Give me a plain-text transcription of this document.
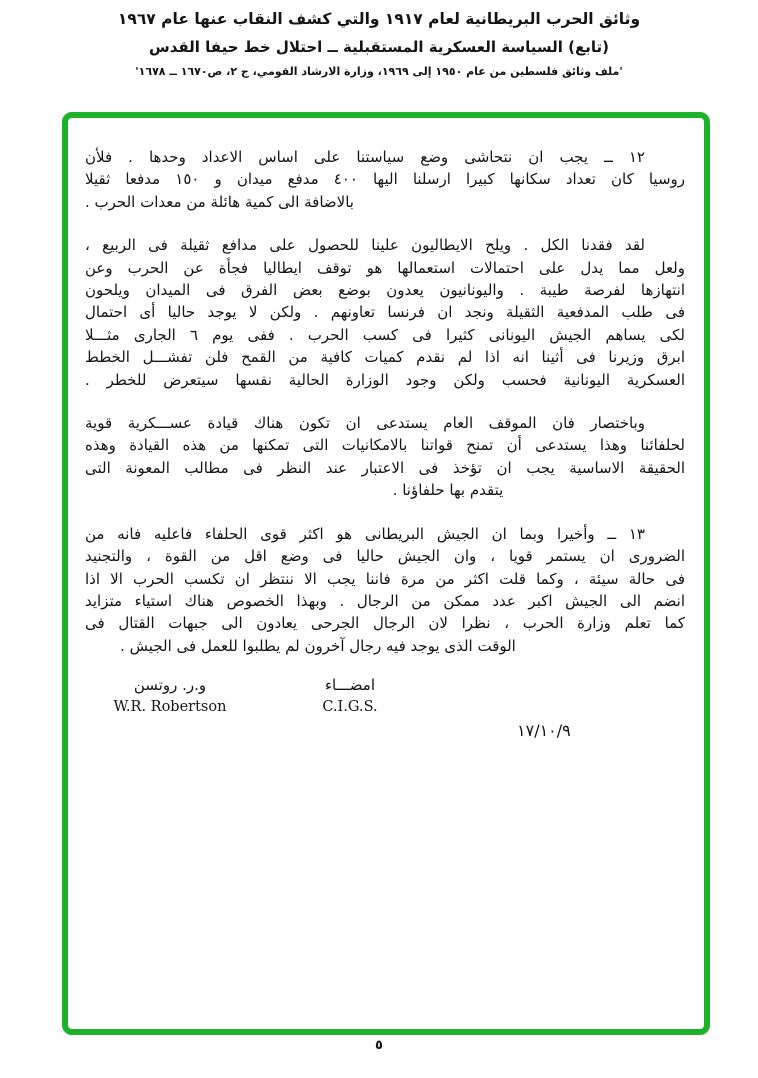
وثائق الحرب البريطانية لعام ١٩١٧ والتي كشف النقاب عنها عام ١٩٦٧
(تابع) السياسة العسكرية المستقبلية ــ احتلال خط حيفا القدس
'ملف وثائق فلسطين من عام ١٩٥٠ إلى ١٩٦٩، وزارة الارشاد القومي، ج ٢، ص١٦٧٠ ــ ١٦٧٨'
١٢ ــ يجب ان نتحاشى وضع سياستنا على اساس الاعداد وحدها . فلأن
روسيا كان تعداد سكانها كبيرا ارسلنا اليها ٤٠٠ مدفع ميدان و ١٥٠ مدفعا ثقيلا
بالاضافة الى كمية هائلة من معدات الحرب .
لقد فقدنا الكل . ويلح الايطاليون علينا للحصول على مدافع ثقيلة فى الربيع ،
ولعل مما يدل على احتمالات استعمالها هو توقف ايطاليا فجأة عن الحرب وعن
انتهازها لفرصة طيبة . واليونانيون يعدون بوضع بعض الفرق فى الميدان ويلحون
فى طلب المدفعية الثقيلة ونجد ان فرنسا تعاونهم . ولكن لا يوجد حاليا أى احتمال
لكى يساهم الجيش اليونانى كثيرا فى كسب الحرب . ففى يوم ٦ الجارى مثـــلا
ابرق وزيرنا فى أثينا انه اذا لم نقدم كميات كافية من القمح فلن تفشـــل الخطط
العسكرية اليونانية فحسب ولكن وجود الوزارة الحالية نفسها سيتعرض للخطر .
وباختصار فان الموقف العام يستدعى ان تكون هناك قيادة عســـكرية قوية
لحلفائنا وهذا يستدعى أن تمنح قواتنا بالامكانيات التى تمكنها من هذه القيادة وهذه
الحقيقة الاساسية يجب ان تؤخذ فى الاعتبار عند النظر فى مطالب المعونة التى
يتقدم بها حلفاؤنا .
١٣ ــ وأخيرا وبما ان الجيش البريطانى هو اكثر قوى الحلفاء فاعليه فانه من
الضرورى ان يستمر قويا ، وان الجيش حاليا فى وضع اقل من القوة ، والتجنيد
فى حالة سيئة ، وكما قلت اكثر من مرة فاننا يجب الا ننتظر ان تكسب الحرب الا اذا
انضم الى الجيش اكبر عدد ممكن من الرجال . وبهذا الخصوص هناك استياء متزايد
كما تعلم وزارة الحرب ، نظرا لان الرجال الجرحى يعادون الى جبهات القتال فى
الوقت الذى يوجد فيه رجال آخرون لم يطلبوا للعمل فى الجيش .
امضـــاء
C.I.G.S.
و.ر. روتسن
W.R. Robertson
١٧/١٠/٩
٥
